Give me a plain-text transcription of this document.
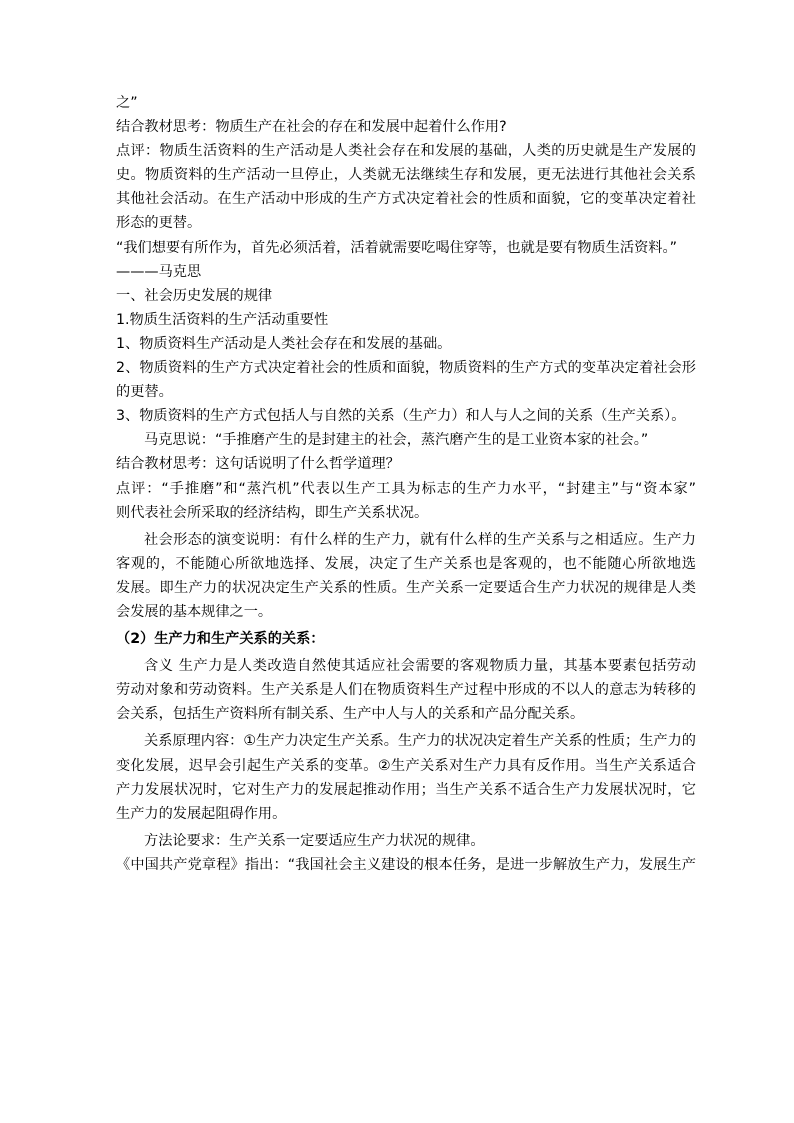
之”
结合教材思考：物质生产在社会的存在和发展中起着什么作用?
点评：物质生活资料的生产活动是人类社会存在和发展的基础，人类的历史就是生产发展的
史。物质资料的生产活动一旦停止，人类就无法继续生存和发展，更无法进行其他社会关系
其他社会活动。在生产活动中形成的生产方式决定着社会的性质和面貌，它的变革决定着社
形态的更替。
“我们想要有所作为，首先必须活着，活着就需要吃喝住穿等，也就是要有物质生活资料。”
———马克思
一、社会历史发展的规律
1.物质生活资料的生产活动重要性
1、物质资料生产活动是人类社会存在和发展的基础。
2、物质资料的生产方式决定着社会的性质和面貌，物质资料的生产方式的变革决定着社会形
的更替。
3、物质资料的生产方式包括人与自然的关系（生产力）和人与人之间的关系（生产关系）。
马克思说：“手推磨产生的是封建主的社会，蒸汽磨产生的是工业资本家的社会。”
结合教材思考：这句话说明了什么哲学道理？
点评：“手推磨”和“蒸汽机”代表以生产工具为标志的生产力水平，“封建主”与“资本家”
则代表社会所采取的经济结构，即生产关系状况。
社会形态的演变说明：有什么样的生产力，就有什么样的生产关系与之相适应。生产力
客观的，不能随心所欲地选择、发展，决定了生产关系也是客观的，也不能随心所欲地选
发展。即生产力的状况决定生产关系的性质。生产关系一定要适合生产力状况的规律是人类
会发展的基本规律之一。
（2）生产力和生产关系的关系：
含义 生产力是人类改造自然使其适应社会需要的客观物质力量，其基本要素包括劳动
劳动对象和劳动资料。生产关系是人们在物质资料生产过程中形成的不以人的意志为转移的
会关系，包括生产资料所有制关系、生产中人与人的关系和产品分配关系。
关系原理内容：①生产力决定生产关系。生产力的状况决定着生产关系的性质；生产力的
变化发展，迟早会引起生产关系的变革。②生产关系对生产力具有反作用。当生产关系适合
产力发展状况时，它对生产力的发展起推动作用；当生产关系不适合生产力发展状况时，它
生产力的发展起阻碍作用。
方法论要求：生产关系一定要适应生产力状况的规律。
《中国共产党章程》指出：“我国社会主义建设的根本任务，是进一步解放生产力，发展生产
